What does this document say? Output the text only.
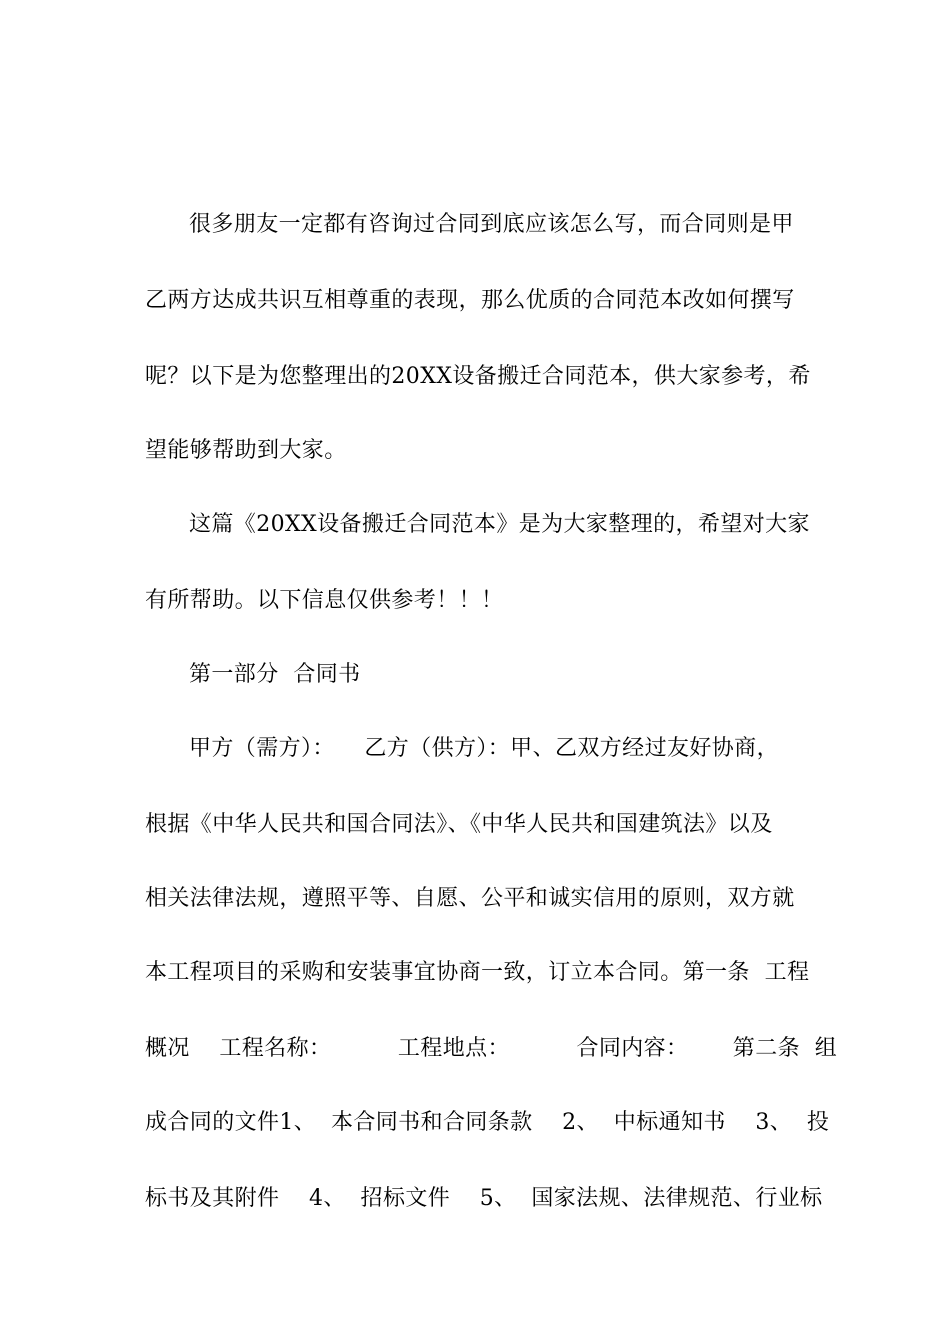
很多朋友一定都有咨询过合同到底应该怎么写，而合同则是甲
乙两方达成共识互相尊重的表现，那么优质的合同范本改如何撰写
呢？以下是为您整理出的20XX设备搬迁合同范本，供大家参考，希
望能够帮助到大家。
这篇《20XX设备搬迁合同范本》是为大家整理的，希望对大家
有所帮助。以下信息仅供参考！！！
第一部分  合同书
甲方（需方）：    乙方（供方）：甲、乙双方经过友好协商，
根据《中华人民共和国合同法》、《中华人民共和国建筑法》以及
相关法律法规，遵照平等、自愿、公平和诚实信用的原则，双方就
本工程项目的采购和安装事宜协商一致，订立本合同。第一条  工程
概况    工程名称：         工程地点：         合同内容：      第二条  组
成合同的文件1、  本合同书和合同条款    2、  中标通知书    3、  投
标书及其附件    4、  招标文件    5、  国家法规、法律规范、行业标
